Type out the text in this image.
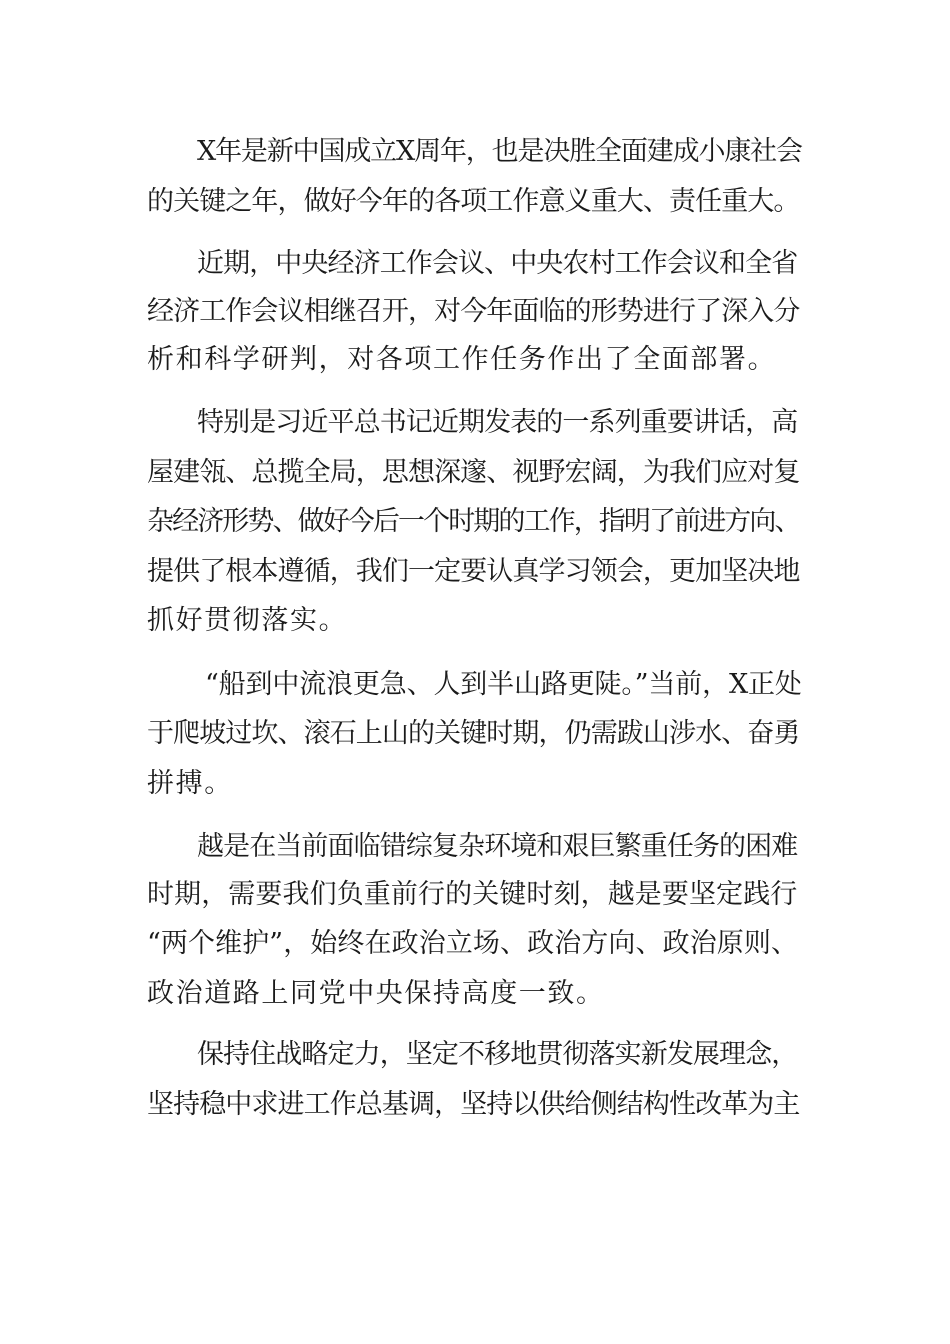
X年是新中国成立X周年，也是决胜全面建成小康社会
的关键之年，做好今年的各项工作意义重大、责任重大。
近期，中央经济工作会议、中央农村工作会议和全省
经济工作会议相继召开，对今年面临的形势进行了深入分
析和科学研判，对各项工作任务作出了全面部署。
特别是习近平总书记近期发表的一系列重要讲话，高
屋建瓴、总揽全局，思想深邃、视野宏阔，为我们应对复
杂经济形势、做好今后一个时期的工作，指明了前进方向、
提供了根本遵循，我们一定要认真学习领会，更加坚决地
抓好贯彻落实。
“船到中流浪更急、人到半山路更陡。”当前，X正处
于爬坡过坎、滚石上山的关键时期，仍需跋山涉水、奋勇
拼搏。
越是在当前面临错综复杂环境和艰巨繁重任务的困难
时期，需要我们负重前行的关键时刻，越是要坚定践行
“两个维护”，始终在政治立场、政治方向、政治原则、
政治道路上同党中央保持高度一致。
保持住战略定力，坚定不移地贯彻落实新发展理念，
坚持稳中求进工作总基调，坚持以供给侧结构性改革为主
